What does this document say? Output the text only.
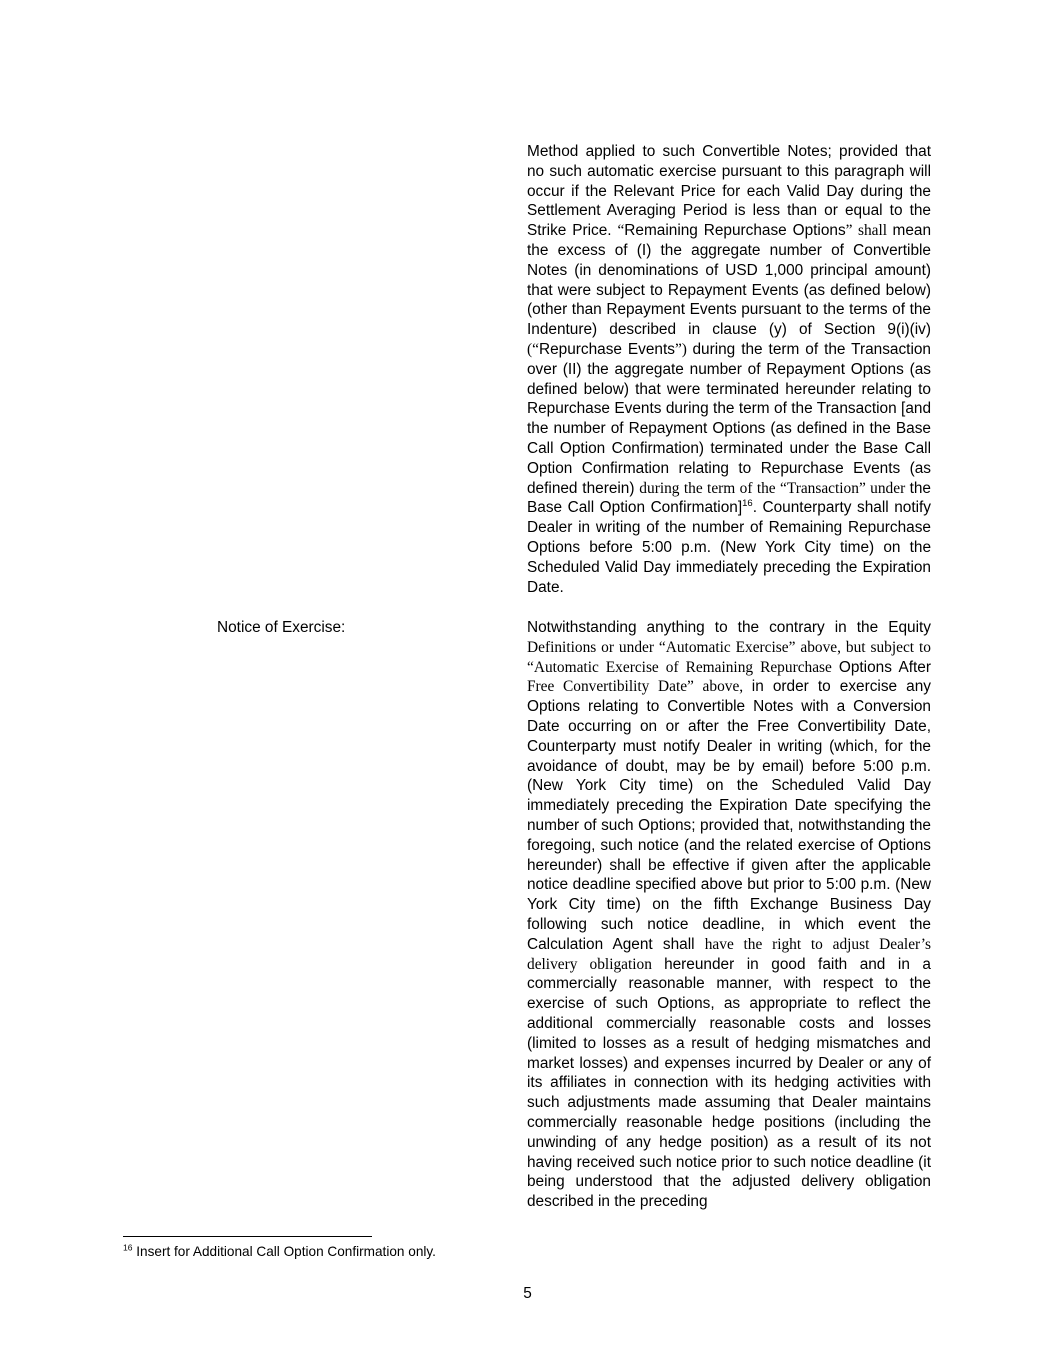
Method applied to such Convertible Notes; provided that no such automatic exercise pursuant to this paragraph will occur if the Relevant Price for each Valid Day during the Settlement Averaging Period is less than or equal to the Strike Price. “Remaining Repurchase Options” shall mean the excess of (I) the aggregate number of Convertible Notes (in denominations of USD 1,000 principal amount) that were subject to Repayment Events (as defined below) (other than Repayment Events pursuant to the terms of the Indenture) described in clause (y) of Section 9(i)(iv) (“Repurchase Events”) during the term of the Transaction over (II) the aggregate number of Repayment Options (as defined below) that were terminated hereunder relating to Repurchase Events during the term of the Transaction [and the number of Repayment Options (as defined in the Base Call Option Confirmation) terminated under the Base Call Option Confirmation relating to Repurchase Events (as defined therein) during the term of the “Transaction” under the Base Call Option Confirmation]$^{16}$. Counterparty shall notify Dealer in writing of the number of Remaining Repurchase Options before 5:00 p.m. (New York City time) on the Scheduled Valid Day immediately preceding the Expiration Date.

Notice of Exercise:	Notwithstanding anything to the contrary in the Equity Definitions or under “Automatic Exercise” above, but subject to “Automatic Exercise of Remaining Repurchase Options After Free Convertibility Date” above, in order to exercise any Options relating to Convertible Notes with a Conversion Date occurring on or after the Free Convertibility Date, Counterparty must notify Dealer in writing (which, for the avoidance of doubt, may be by email) before 5:00 p.m. (New York City time) on the Scheduled Valid Day immediately preceding the Expiration Date specifying the number of such Options; provided that, notwithstanding the foregoing, such notice (and the related exercise of Options hereunder) shall be effective if given after the applicable notice deadline specified above but prior to 5:00 p.m. (New York City time) on the fifth Exchange Business Day following such notice deadline, in which event the Calculation Agent shall have the right to adjust Dealer’s delivery obligation hereunder in good faith and in a commercially reasonable manner, with respect to the exercise of such Options, as appropriate to reflect the additional commercially reasonable costs and losses (limited to losses as a result of hedging mismatches and market losses) and expenses incurred by Dealer or any of its affiliates in connection with its hedging activities with such adjustments made assuming that Dealer maintains commercially reasonable hedge positions (including the unwinding of any hedge position) as a result of its not having received such notice prior to such notice deadline (it being understood that the adjusted delivery obligation described in the preceding

$^{16}$ Insert for Additional Call Option Confirmation only.

5
